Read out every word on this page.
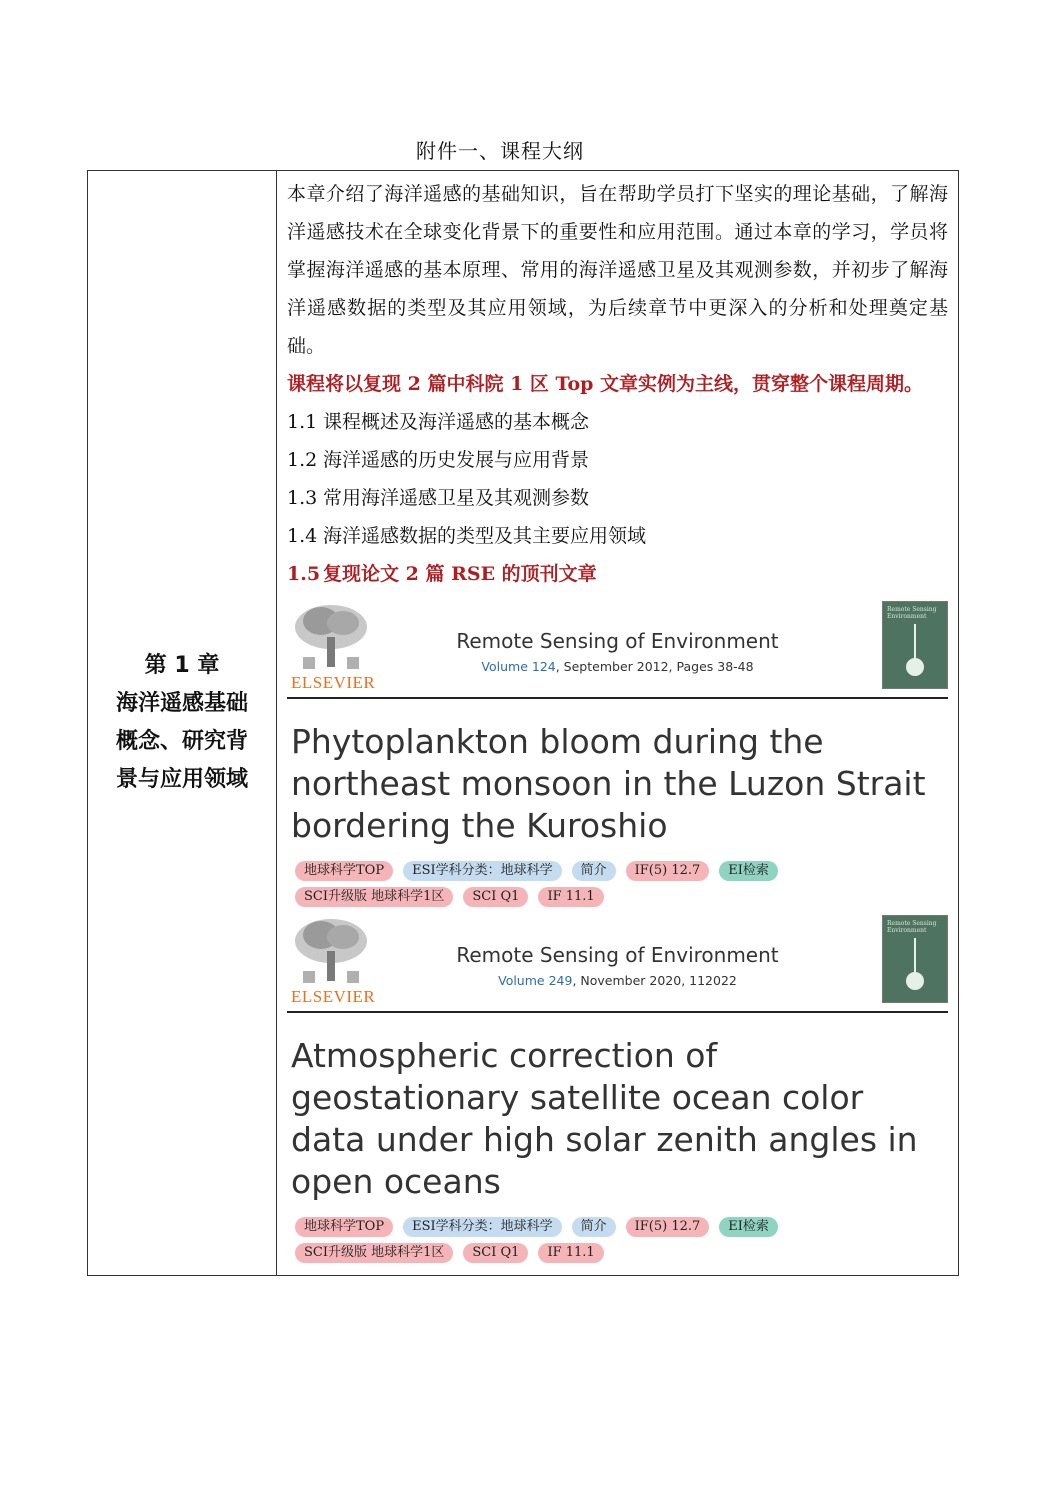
附件一、课程大纲
第 1 章
海洋遥感基础
概念、研究背
景与应用领域

本章介绍了海洋遥感的基础知识，旨在帮助学员打下坚实的理论基础，了解海洋遥感技术在全球变化背景下的重要性和应用范围。通过本章的学习，学员将掌握海洋遥感的基本原理、常用的海洋遥感卫星及其观测参数，并初步了解海洋遥感数据的类型及其应用领域，为后续章节中更深入的分析和处理奠定基础。

课程将以复现 2 篇中科院 1 区 Top 文章实例为主线，贯穿整个课程周期。

1.1 课程概述及海洋遥感的基本概念

1.2 海洋遥感的历史发展与应用背景

1.3 常用海洋遥感卫星及其观测参数

1.4 海洋遥感数据的类型及其主要应用领域

1.5 复现论文 2 篇 RSE 的顶刊文章

ELSEVIER
Remote Sensing of Environment
Volume 124, September 2012, Pages 38-48
Remote Sensing Environment
Phytoplankton bloom during the northeast monsoon in the Luzon Strait bordering the Kuroshio
地球科学TOP	ESI学科分类：地球科学	简介	IF(5) 12.7	EI检索
SCI升级版 地球科学1区	SCI Q1	IF 11.1
ELSEVIER
Remote Sensing of Environment
Volume 249, November 2020, 112022
Remote Sensing Environment
Atmospheric correction of geostationary satellite ocean color data under high solar zenith angles in open oceans
地球科学TOP	ESI学科分类：地球科学	简介	IF(5) 12.7	EI检索
SCI升级版 地球科学1区	SCI Q1	IF 11.1
